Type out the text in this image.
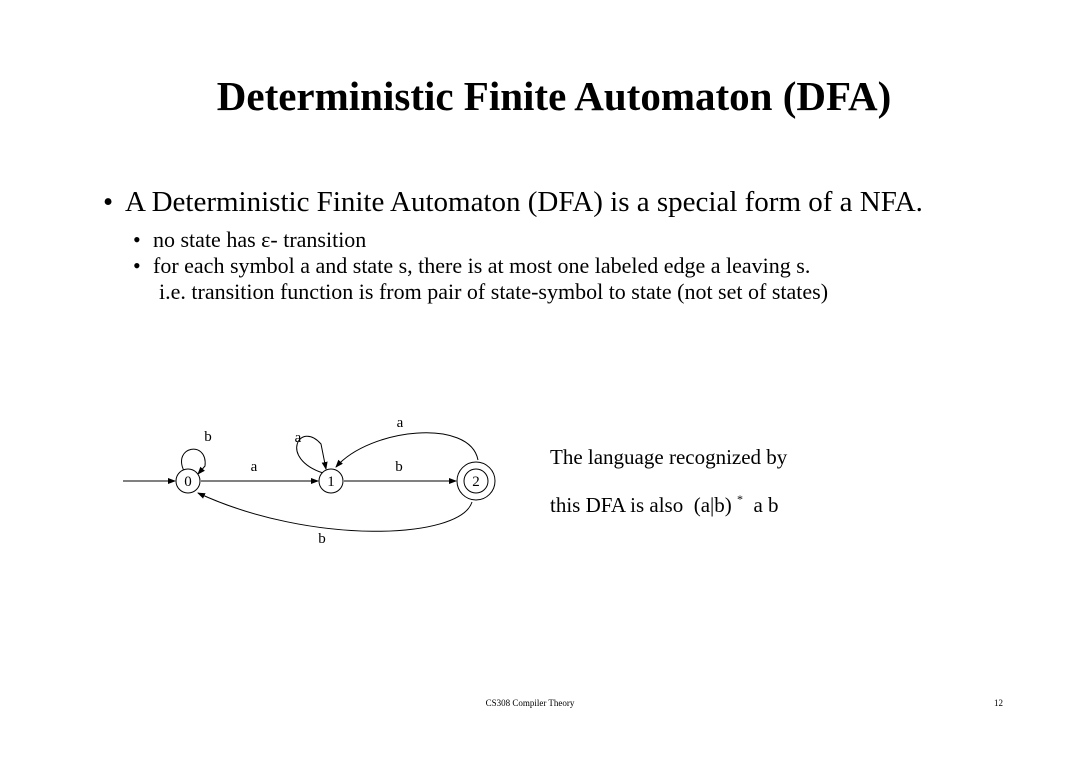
Deterministic Finite Automaton (DFA)
• A Deterministic Finite Automaton (DFA) is a special form of a NFA.
• no state has ε- transition
• for each symbol a and state s, there is at most one labeled edge a leaving s.
i.e. transition function is from pair of state-symbol to state (not set of states)
b
a
a
b
a
b
0	1	2
The language recognized by
this DFA is also (a|b) * a b
CS308 Compiler Theory	12
